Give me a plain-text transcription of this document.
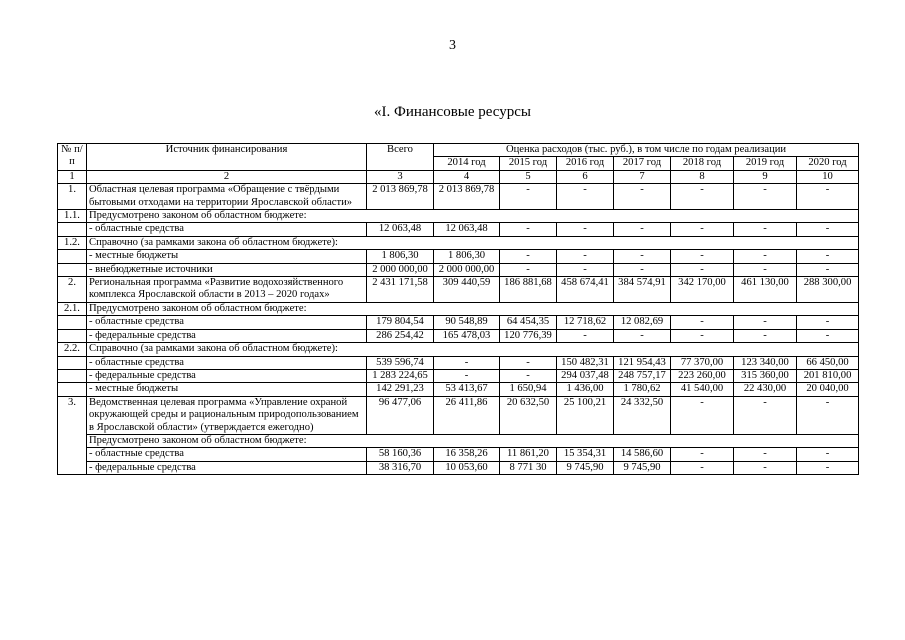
3
«I. Финансовые ресурсы
№ п/п	Источник финансирования	Всего	Оценка расходов (тыс. руб.), в том числе по годам реализации						
			2014 год	2015 год	2016 год	2017 год	2018 год	2019 год	2020 год
1	2	3	4	5	6	7	8	9	10
1.	Областная целевая программа «Обращение с твёрдыми бытовыми отходами на территории Ярославской области»	2 013 869,78	2 013 869,78	-	-	-	-	-	-
1.1.	Предусмотрено законом об областном бюджете:								
	- областные средства	12 063,48	12 063,48	-	-	-	-	-	-
1.2.	Справочно (за рамками закона об областном бюджете):								
	- местные бюджеты	1 806,30	1 806,30	-	-	-	-	-	-
	- внебюджетные источники	2 000 000,00	2 000 000,00	-	-	-	-	-	-
2.	Региональная программа «Развитие водохозяйственного комплекса Ярославской области в 2013 – 2020 годах»	2 431 171,58	309 440,59	186 881,68	458 674,41	384 574,91	342 170,00	461 130,00	288 300,00
2.1.	Предусмотрено законом об областном бюджете:								
	- областные средства	179 804,54	90 548,89	64 454,35	12 718,62	12 082,69	-	-	-
	- федеральные средства	286 254,42	165 478,03	120 776,39	-	-	-	-	-
2.2.	Справочно (за рамками закона об областном бюджете):								
	- областные средства	539 596,74	-	-	150 482,31	121 954,43	77 370,00	123 340,00	66 450,00
	- федеральные средства	1 283 224,65	-	-	294 037,48	248 757,17	223 260,00	315 360,00	201 810,00
	- местные бюджеты	142 291,23	53 413,67	1 650,94	1 436,00	1 780,62	41 540,00	22 430,00	20 040,00
3.	Ведомственная целевая программа «Управление охраной окружающей среды и рациональным природопользованием в Ярославской области» (утверждается ежегодно)	96 477,06	26 411,86	20 632,50	25 100,21	24 332,50	-	-	-
	Предусмотрено законом об областном бюджете:								
	- областные средства	58 160,36	16 358,26	11 861,20	15 354,31	14 586,60	-	-	-
	- федеральные средства	38 316,70	10 053,60	8 771 30	9 745,90	9 745,90	-	-	-
